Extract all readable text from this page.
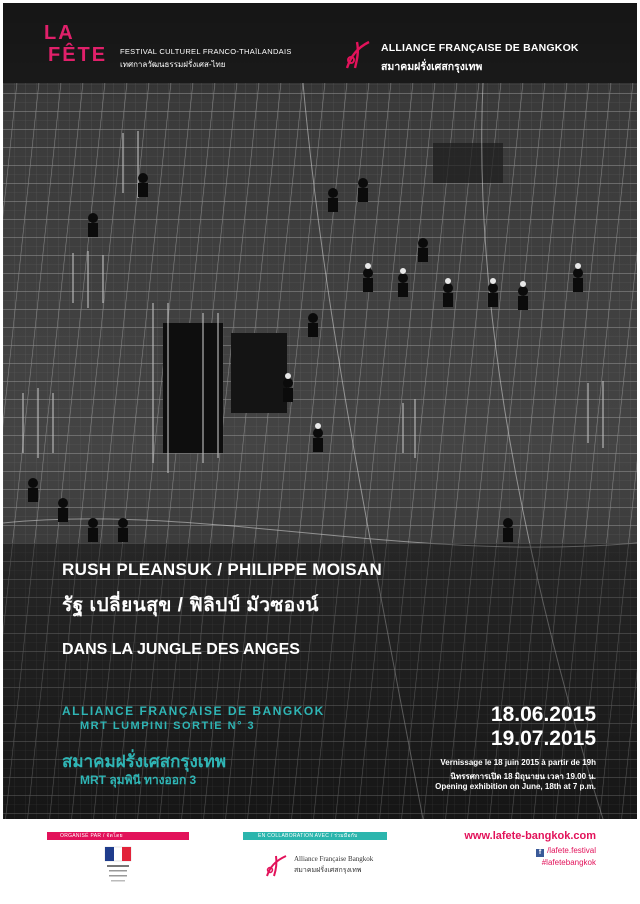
LA
FÊTE FESTIVAL CULTUREL FRANCO-THAÏLANDAIS
เทศกาลวัฒนธรรมฝรั่งเศส-ไทย
ALLIANCE FRANÇAISE DE BANGKOK
สมาคมฝรั่งเศสกรุงเทพ
RUSH PLEANSUK / PHILIPPE MOISAN
รัฐ เปลี่ยนสุข / ฟิลิปป์ มัวซองน์
DANS LA JUNGLE DES ANGES
ALLIANCE FRANÇAISE DE BANGKOK
MRT LUMPINI SORTIE N° 3
สมาคมฝรั่งเศสกรุงเทพ
MRT ลุมพินี ทางออก 3
18.06.2015
19.07.2015
Vernissage le 18 juin 2015 à partir de 19h
นิทรรศการเปิด 18 มิถุนายน เวลา 19.00 น.
Opening exhibition on June, 18th at 7 p.m.
ORGANISÉ PAR / จัดโดย	EN COLLABORATION AVEC / ร่วมมือกับ
Alliance Française Bangkok
สมาคมฝรั่งเศสกรุงเทพ
www.lafete-bangkok.com
f /lafete.festival
#lafetebangkok
